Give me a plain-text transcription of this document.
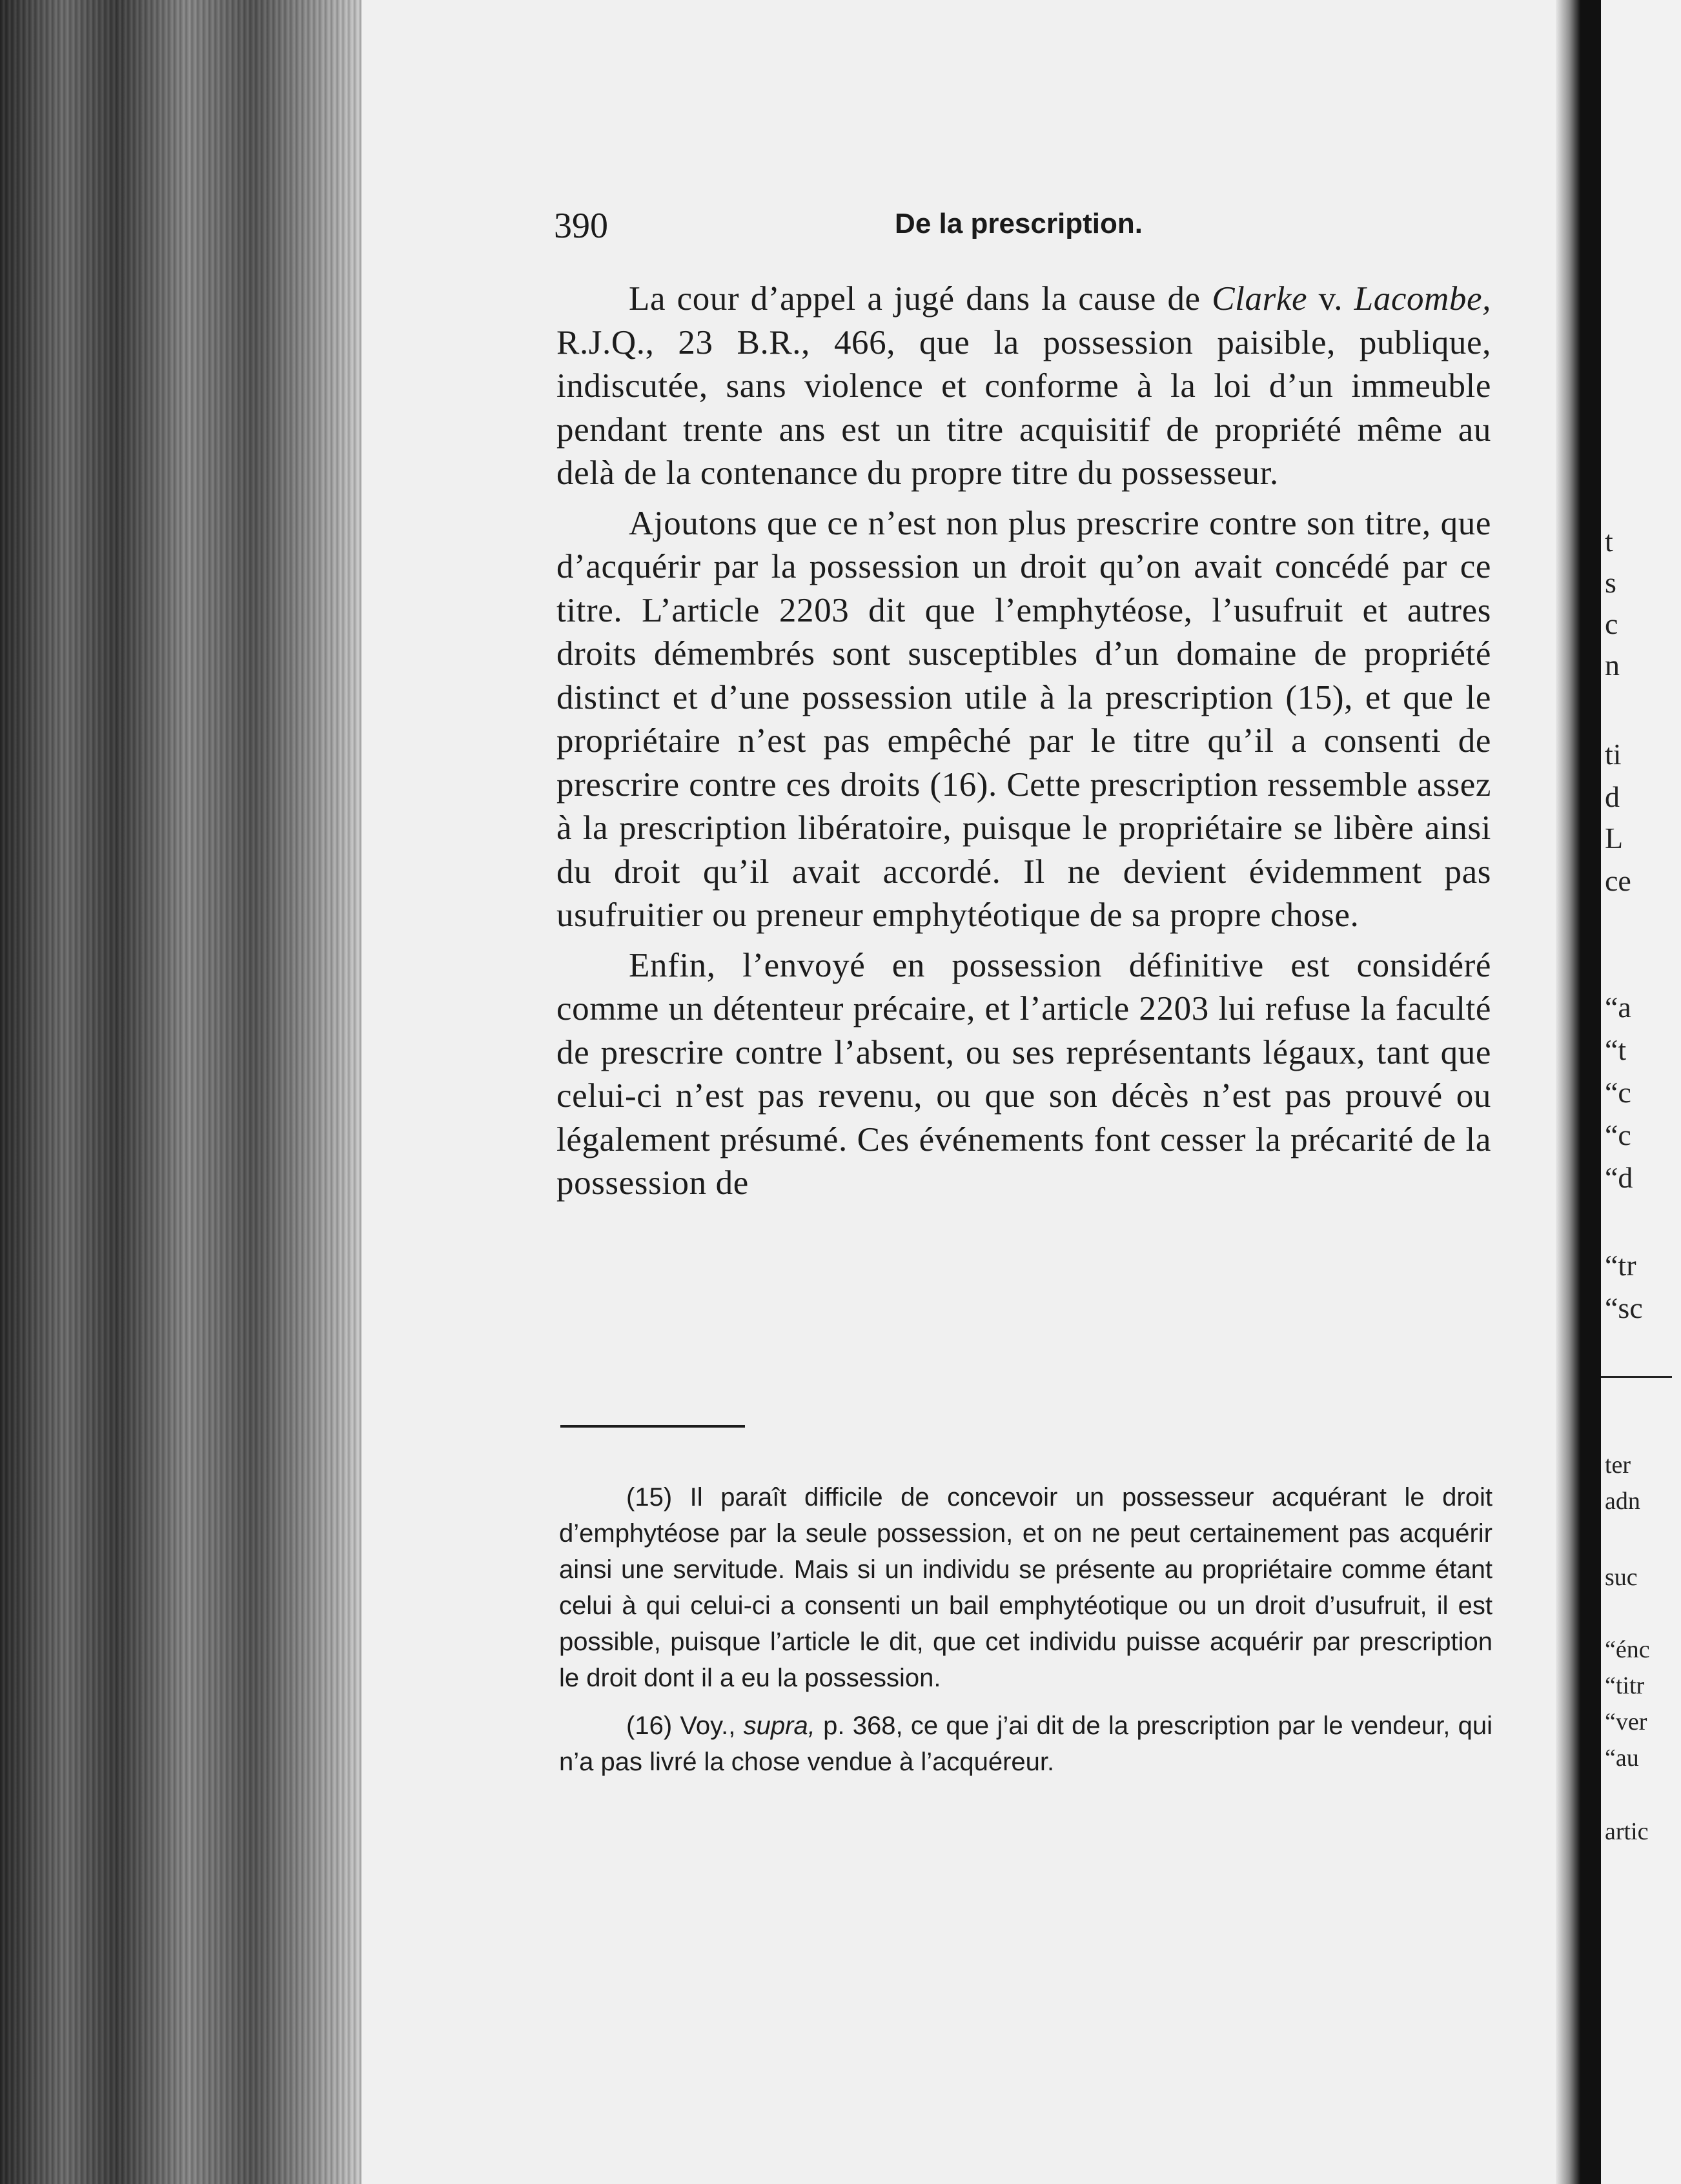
t
s
c
n
ti
d
L
ce
“a
“t
“c
“c
“d
“tr
“sc
ter
adn
suc
“énc
“titr
“ver
“au
artic
390	De la prescription.

La cour d’appel a jugé dans la cause de Clarke v. Lacombe, R.J.Q., 23 B.R., 466, que la possession paisible, publique, indiscutée, sans violence et conforme à la loi d’un immeuble pendant trente ans est un titre acquisitif de propriété même au delà de la contenance du propre titre du possesseur.

Ajoutons que ce n’est non plus prescrire contre son titre, que d’acquérir par la possession un droit qu’on avait concédé par ce titre. L’article 2203 dit que l’emphytéose, l’usufruit et autres droits démembrés sont susceptibles d’un domaine de propriété distinct et d’une possession utile à la prescription (15), et que le propriétaire n’est pas empêché par le titre qu’il a consenti de prescrire contre ces droits (16). Cette prescription ressemble assez à la prescription libératoire, puisque le propriétaire se libère ainsi du droit qu’il avait accordé. Il ne devient évidemment pas usufruitier ou preneur emphytéotique de sa propre chose.

Enfin, l’envoyé en possession définitive est considéré comme un détenteur précaire, et l’article 2203 lui refuse la faculté de prescrire contre l’absent, ou ses représentants légaux, tant que celui-ci n’est pas revenu, ou que son décès n’est pas prouvé ou légalement présumé. Ces événements font cesser la précarité de la possession de

(15) Il paraît difficile de concevoir un possesseur acquérant le droit d’emphytéose par la seule possession, et on ne peut certainement pas acquérir ainsi une servitude. Mais si un individu se présente au propriétaire comme étant celui à qui celui-ci a consenti un bail emphytéotique ou un droit d’usufruit, il est possible, puisque l’article le dit, que cet individu puisse acquérir par prescription le droit dont il a eu la possession.

(16) Voy., supra, p. 368, ce que j’ai dit de la prescription par le vendeur, qui n’a pas livré la chose vendue à l’acquéreur.
